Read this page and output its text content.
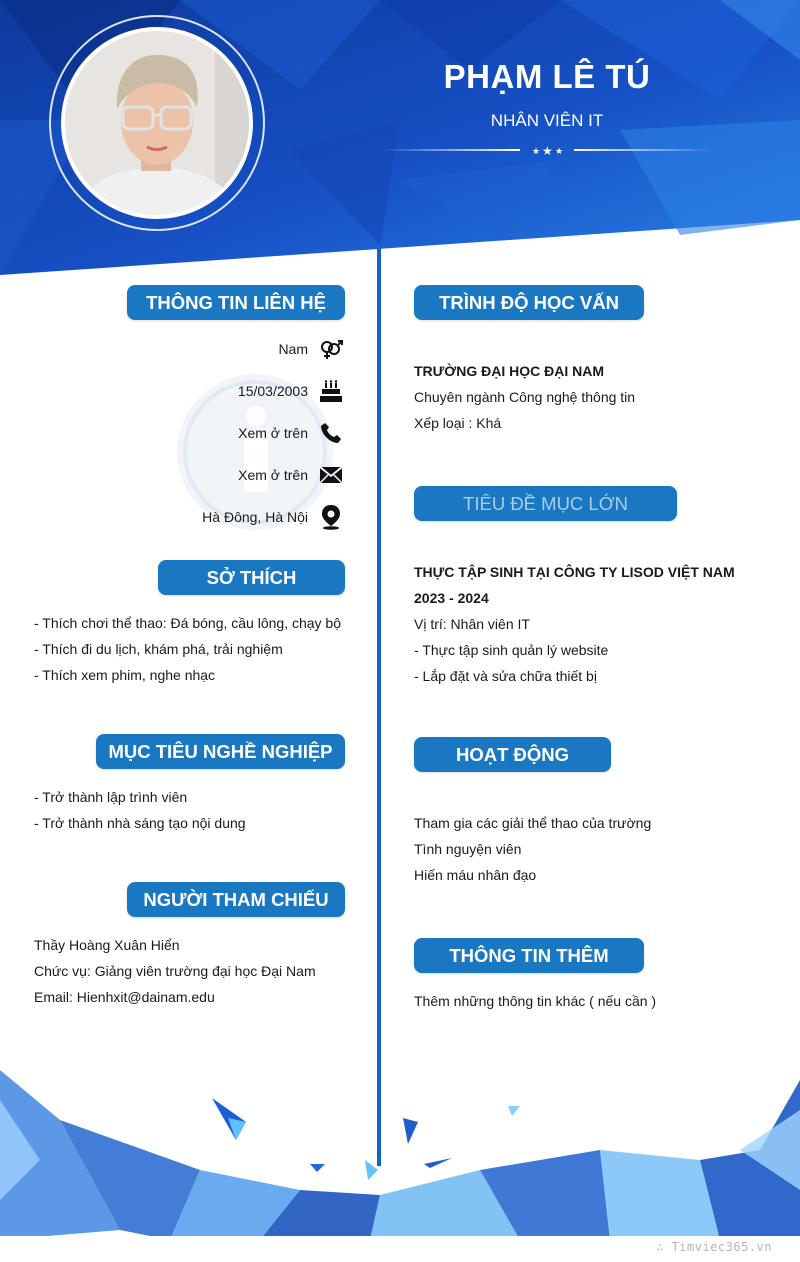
PHẠM LÊ TÚ
NHÂN VIÊN IT
★ ★ ★
THÔNG TIN LIÊN HỆ
Nam
15/03/2003
Xem ở trên
Xem ở trên
Hà Đông, Hà Nội
SỞ THÍCH
- Thích chơi thể thao: Đá bóng, cầu lông, chạy bộ
- Thích đi du lịch, khám phá, trải nghiệm
- Thích xem phim, nghe nhạc
MỤC TIÊU NGHỀ NGHIỆP
- Trở thành lập trình viên
- Trở thành nhà sáng tạo nội dung
NGƯỜI THAM CHIẾU
Thầy Hoàng Xuân Hiển
Chức vụ: Giảng viên trường đại học Đại Nam
Email: Hienhxit@dainam.edu
TRÌNH ĐỘ HỌC VẤN
TRƯỜNG ĐẠI HỌC ĐẠI NAM
Chuyên ngành Công nghệ thông tin
Xếp loại : Khá
TIÊU ĐỀ MỤC LỚN
THỰC TẬP SINH TẠI CÔNG TY LISOD VIỆT NAM
2023 - 2024
Vị trí: Nhân viên IT
- Thực tập sinh quản lý website
- Lắp đặt và sửa chữa thiết bị
HOẠT ĐỘNG
Tham gia các giải thể thao của trường
Tình nguyện viên
Hiến máu nhân đạo
THÔNG TIN THÊM
Thêm những thông tin khác ( nếu cần )
∴ Timviec365.vn
